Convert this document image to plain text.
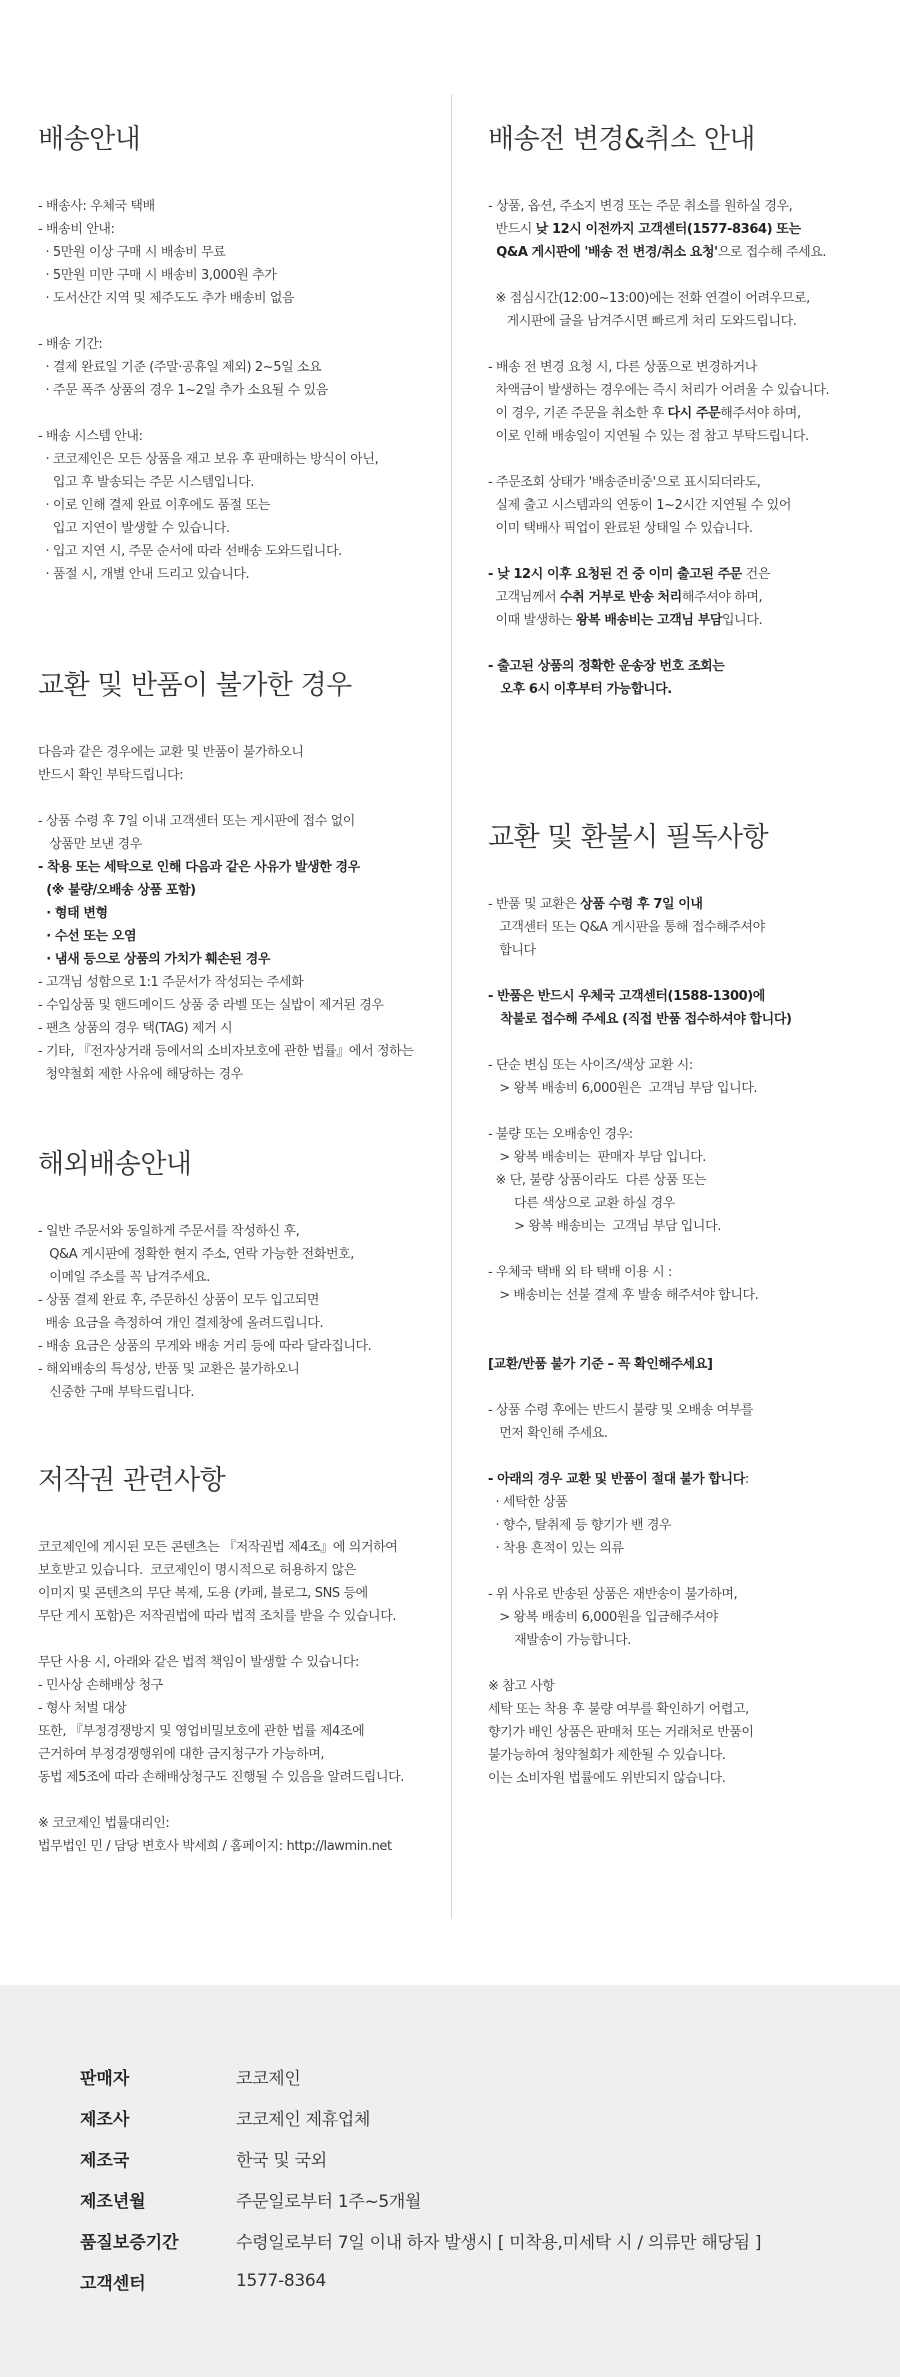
배송안내
- 배송사: 우체국 택배
- 배송비 안내:
· 5만원 이상 구매 시 배송비 무료
· 5만원 미만 구매 시 배송비 3,000원 추가
· 도서산간 지역 및 제주도도 추가 배송비 없음
- 배송 기간:
· 결제 완료일 기준 (주말·공휴일 제외) 2~5일 소요
· 주문 폭주 상품의 경우 1~2일 추가 소요될 수 있음
- 배송 시스템 안내:
· 코코제인은 모든 상품을 재고 보유 후 판매하는 방식이 아닌,
입고 후 발송되는 주문 시스템입니다.
· 이로 인해 결제 완료 이후에도 품절 또는
입고 지연이 발생할 수 있습니다.
· 입고 지연 시, 주문 순서에 따라 선배송 도와드립니다.
· 품절 시, 개별 안내 드리고 있습니다.
교환 및 반품이 불가한 경우
다음과 같은 경우에는 교환 및 반품이 불가하오니
반드시 확인 부탁드립니다:
- 상품 수령 후 7일 이내 고객센터 또는 게시판에 접수 없이
상품만 보낸 경우
- 착용 또는 세탁으로 인해 다음과 같은 사유가 발생한 경우
(※ 불량/오배송 상품 포함)
· 형태 변형
· 수선 또는 오염
· 냄새 등으로 상품의 가치가 훼손된 경우
- 고객님 성함으로 1:1 주문서가 작성되는 주세화
- 수입상품 및 핸드메이드 상품 중 라벨 또는 실밥이 제거된 경우
- 팬츠 상품의 경우 택(TAG) 제거 시
- 기타, 『전자상거래 등에서의 소비자보호에 관한 법률』에서 정하는
청약철회 제한 사유에 해당하는 경우
해외배송안내
- 일반 주문서와 동일하게 주문서를 작성하신 후,
Q&A 게시판에 정확한 현지 주소, 연락 가능한 전화번호,
이메일 주소를 꼭 남겨주세요.
- 상품 결제 완료 후, 주문하신 상품이 모두 입고되면
배송 요금을 측정하여 개인 결제창에 올려드립니다.
- 배송 요금은 상품의 무게와 배송 거리 등에 따라 달라집니다.
- 해외배송의 특성상, 반품 및 교환은 불가하오니
신중한 구매 부탁드립니다.
저작권 관련사항
코코제인에 게시된 모든 콘텐츠는 『저작권법 제4조』에 의거하여
보호받고 있습니다.  코코제인이 명시적으로 허용하지 않은
이미지 및 콘텐츠의 무단 복제, 도용 (카페, 블로그, SNS 등에
무단 게시 포함)은 저작권법에 따라 법적 조치를 받을 수 있습니다.
무단 사용 시, 아래와 같은 법적 책임이 발생할 수 있습니다:
- 민사상 손해배상 청구
- 형사 처벌 대상
또한, 『부정경쟁방지 및 영업비밀보호에 관한 법률 제4조에
근거하여 부정경쟁행위에 대한 금지청구가 가능하며,
동법 제5조에 따라 손해배상청구도 진행될 수 있음을 알려드립니다.
※ 코코제인 법률대리인:
법무법인 민 / 담당 변호사 박세희 / 홈페이지: http://lawmin.net
배송전 변경&취소 안내
- 상품, 옵션, 주소지 변경 또는 주문 취소를 원하실 경우,
반드시 낮 12시 이전까지 고객센터(1577-8364) 또는
Q&A 게시판에 '배송 전 변경/취소 요청'으로 접수해 주세요.
※ 점심시간(12:00~13:00)에는 전화 연결이 어려우므로,
게시판에 글을 남겨주시면 빠르게 처리 도와드립니다.
- 배송 전 변경 요청 시, 다른 상품으로 변경하거나
차액금이 발생하는 경우에는 즉시 처리가 어려울 수 있습니다.
이 경우, 기존 주문을 취소한 후 다시 주문해주셔야 하며,
이로 인해 배송일이 지연될 수 있는 점 참고 부탁드립니다.
- 주문조회 상태가 '배송준비중'으로 표시되더라도,
실제 출고 시스템과의 연동이 1~2시간 지연될 수 있어
이미 택배사 픽업이 완료된 상태일 수 있습니다.
- 낮 12시 이후 요청된 건 중 이미 출고된 주문 건은
고객님께서 수취 거부로 반송 처리해주셔야 하며,
이때 발생하는 왕복 배송비는 고객님 부담입니다.
- 출고된 상품의 정확한 운송장 번호 조회는
오후 6시 이후부터 가능합니다.
교환 및 환불시 필독사항
- 반품 및 교환은 상품 수령 후 7일 이내
고객센터 또는 Q&A 게시판을 통해 접수해주셔야
합니다
- 반품은 반드시 우체국 고객센터(1588-1300)에
착불로 접수해 주세요 (직접 반품 접수하셔야 합니다)
- 단순 변심 또는 사이즈/색상 교환 시:
> 왕복 배송비 6,000원은  고객님 부담 입니다.
- 불량 또는 오배송인 경우:
> 왕복 배송비는  판매자 부담 입니다.
※ 단, 불량 상품이라도  다른 상품 또는
다른 색상으로 교환 하실 경우
> 왕복 배송비는  고객님 부담 입니다.
- 우체국 택배 외 타 택배 이용 시 :
> 배송비는 선불 결제 후 발송 해주셔야 합니다.
[교환/반품 불가 기준 – 꼭 확인해주세요]
- 상품 수령 후에는 반드시 불량 및 오배송 여부를
먼저 확인해 주세요.
- 아래의 경우 교환 및 반품이 절대 불가 합니다:
· 세탁한 상품
· 향수, 탈취제 등 향기가 밴 경우
· 착용 흔적이 있는 의류
- 위 사유로 반송된 상품은 재반송이 불가하며,
> 왕복 배송비 6,000원을 입금해주셔야
재발송이 가능합니다.
※ 참고 사항
세탁 또는 착용 후 불량 여부를 확인하기 어렵고,
향기가 배인 상품은 판매처 또는 거래처로 반품이
불가능하여 청약철회가 제한될 수 있습니다.
이는 소비자원 법률에도 위반되지 않습니다.
판매자	코코제인
제조사	코코제인 제휴업체
제조국	한국 및 국외
제조년월	주문일로부터 1주~5개월
품질보증기간	수령일로부터 7일 이내 하자 발생시 [ 미착용,미세탁 시 / 의류만 해당됨 ]
고객센터	1577-8364
